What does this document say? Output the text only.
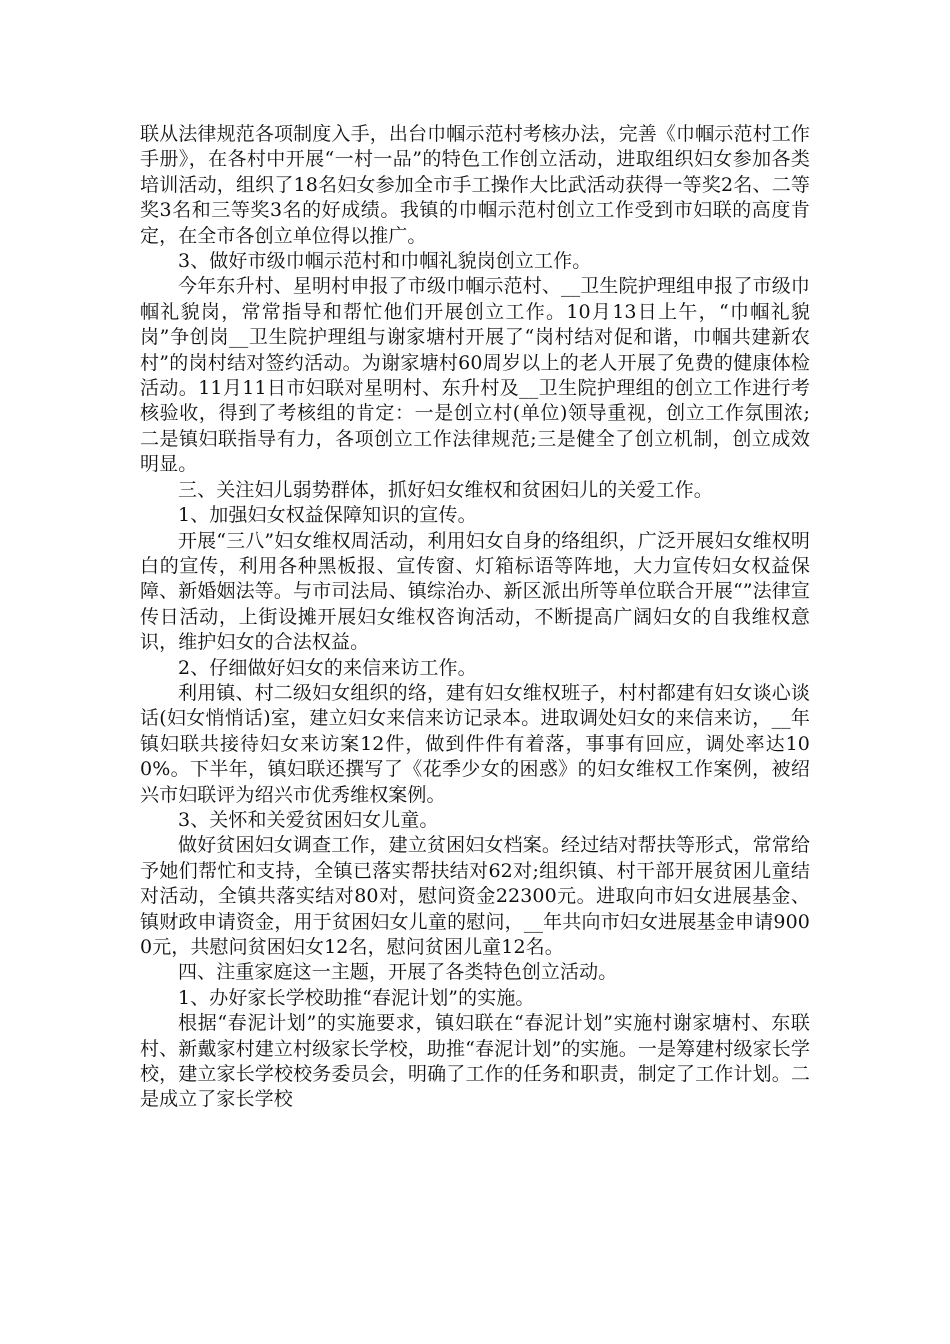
联从法律规范各项制度入手，出台巾帼示范村考核办法，完善《巾帼示范村工作手册》，在各村中开展“一村一品”的特色工作创立活动，进取组织妇女参加各类培训活动，组织了18名妇女参加全市手工操作大比武活动获得一等奖2名、二等奖3名和三等奖3名的好成绩。我镇的巾帼示范村创立工作受到市妇联的高度肯定，在全市各创立单位得以推广。

3、做好市级巾帼示范村和巾帼礼貌岗创立工作。

今年东升村、星明村申报了市级巾帼示范村、__卫生院护理组申报了市级巾帼礼貌岗，常常指导和帮忙他们开展创立工作。10月13日上午，“巾帼礼貌岗”争创岗__卫生院护理组与谢家塘村开展了“岗村结对促和谐，巾帼共建新农村”的岗村结对签约活动。为谢家塘村60周岁以上的老人开展了免费的健康体检活动。11月11日市妇联对星明村、东升村及__卫生院护理组的创立工作进行考核验收，得到了考核组的肯定：一是创立村(单位)领导重视，创立工作氛围浓;二是镇妇联指导有力，各项创立工作法律规范;三是健全了创立机制，创立成效明显。

三、关注妇儿弱势群体，抓好妇女维权和贫困妇儿的关爱工作。

1、加强妇女权益保障知识的宣传。

开展“三八”妇女维权周活动，利用妇女自身的络组织，广泛开展妇女维权明白的宣传，利用各种黑板报、宣传窗、灯箱标语等阵地，大力宣传妇女权益保障、新婚姻法等。与市司法局、镇综治办、新区派出所等单位联合开展“”法律宣传日活动，上街设摊开展妇女维权咨询活动，不断提高广阔妇女的自我维权意识，维护妇女的合法权益。

2、仔细做好妇女的来信来访工作。

利用镇、村二级妇女组织的络，建有妇女维权班子，村村都建有妇女谈心谈话(妇女悄悄话)室，建立妇女来信来访记录本。进取调处妇女的来信来访，__年镇妇联共接待妇女来访案12件，做到件件有着落，事事有回应，调处率达100%。下半年，镇妇联还撰写了《花季少女的困惑》的妇女维权工作案例，被绍兴市妇联评为绍兴市优秀维权案例。

3、关怀和关爱贫困妇女儿童。

做好贫困妇女调查工作，建立贫困妇女档案。经过结对帮扶等形式，常常给予她们帮忙和支持，全镇已落实帮扶结对62对;组织镇、村干部开展贫困儿童结对活动，全镇共落实结对80对，慰问资金22300元。进取向市妇女进展基金、镇财政申请资金，用于贫困妇女儿童的慰问，__年共向市妇女进展基金申请9000元，共慰问贫困妇女12名，慰问贫困儿童12名。

四、注重家庭这一主题，开展了各类特色创立活动。

1、办好家长学校助推“春泥计划”的实施。

根据“春泥计划”的实施要求，镇妇联在“春泥计划”实施村谢家塘村、东联村、新戴家村建立村级家长学校，助推“春泥计划”的实施。一是筹建村级家长学校，建立家长学校校务委员会，明确了工作的任务和职责，制定了工作计划。二是成立了家长学校
